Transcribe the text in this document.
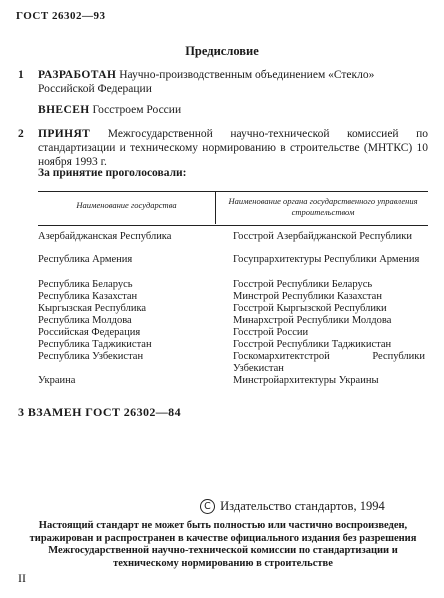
ГОСТ 26302—93
Предисловие
1 РАЗРАБОТАН Научно-производственным объединением «Стекло» Российской Федерации
ВНЕСЕН Госстроем России
2 ПРИНЯТ Межгосударственной научно-технической комиссией по стандартизации и техническому нормированию в строительстве (МНТКС) 10 ноября 1993 г.
За принятие проголосовали:
Наименование государства	Наименование органа государственного управления строительством
Азербайджанская Республика	Госстрой Азербайджанской Республики
Республика Армения	Госупрархитектуры Республики Армения
Республика Беларусь	Госстрой Республики Беларусь
Республика Казахстан	Минстрой Республики Казахстан
Кыргызская Республика	Госстрой Кыргызской Республики
Республика Молдова	Минархстрой Республики Молдова
Российская Федерация	Госстрой России
Республика Таджикистан	Госстрой Республики Таджикистан
Республика Узбекистан	Госкомархитектстрой Республики Узбекистан
Украина	Минстройархитектуры Украины
3 ВЗАМЕН ГОСТ 26302—84
C Издательство стандартов, 1994
Настоящий стандарт не может быть полностью или частично воспроизведен, тиражирован и распространен в качестве официального издания без разрешения Межгосударственной научно-технической комиссии по стандартизации и техническому нормированию в строительстве
II
